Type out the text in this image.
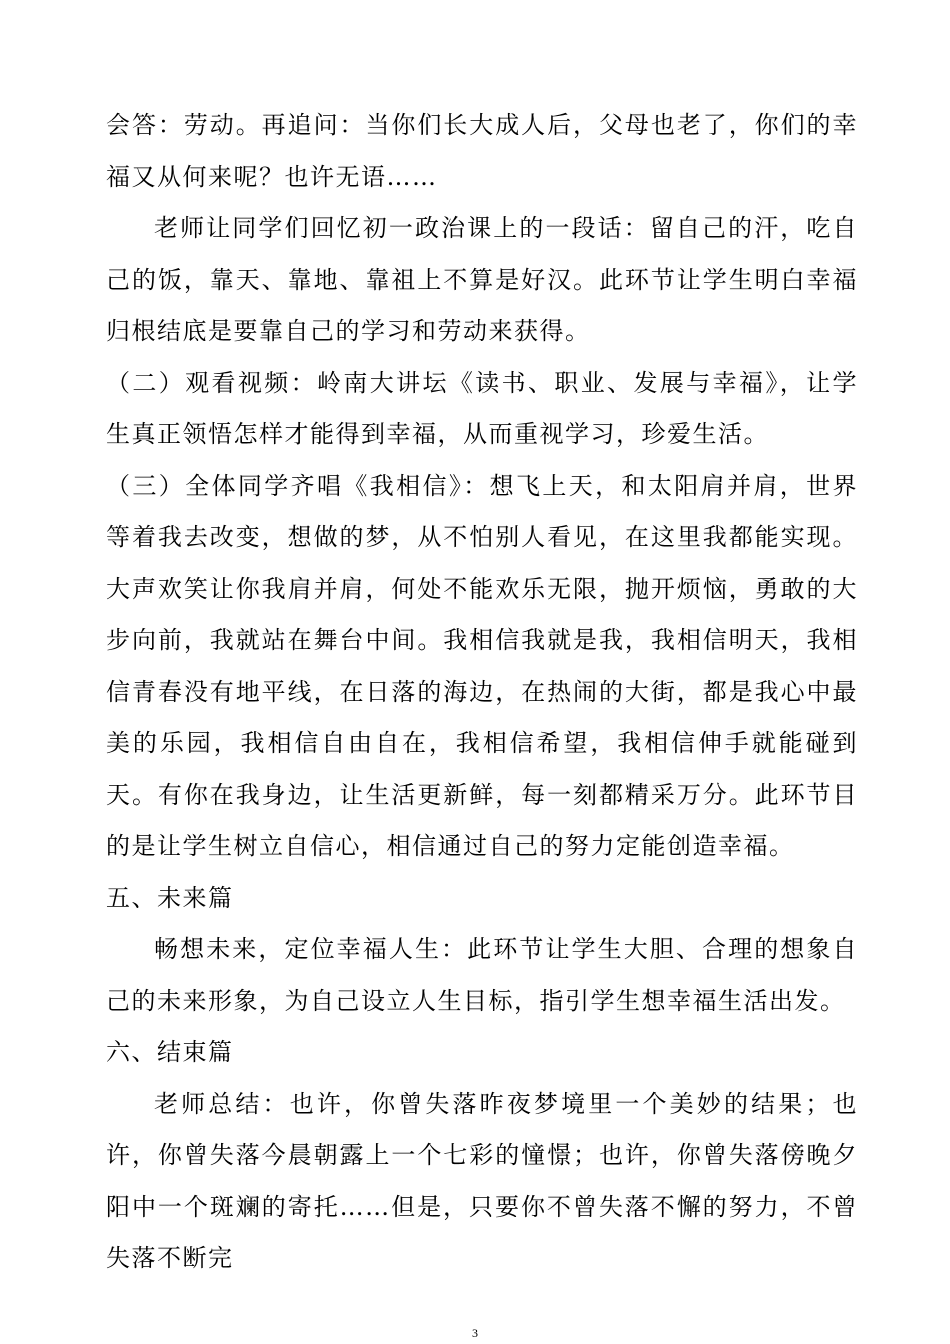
会答：劳动。再追问：当你们长大成人后，父母也老了，你们的幸福又从何来呢？也许无语……

老师让同学们回忆初一政治课上的一段话：留自己的汗，吃自己的饭，靠天、靠地、靠祖上不算是好汉。此环节让学生明白幸福归根结底是要靠自己的学习和劳动来获得。

（二）观看视频：岭南大讲坛《读书、职业、发展与幸福》，让学生真正领悟怎样才能得到幸福，从而重视学习，珍爱生活。

（三）全体同学齐唱《我相信》：想飞上天，和太阳肩并肩，世界等着我去改变，想做的梦，从不怕别人看见，在这里我都能实现。大声欢笑让你我肩并肩，何处不能欢乐无限，抛开烦恼，勇敢的大步向前，我就站在舞台中间。我相信我就是我，我相信明天，我相信青春没有地平线，在日落的海边，在热闹的大街，都是我心中最美的乐园，我相信自由自在，我相信希望，我相信伸手就能碰到天。有你在我身边，让生活更新鲜，每一刻都精采万分。此环节目的是让学生树立自信心，相信通过自己的努力定能创造幸福。

五、未来篇

畅想未来，定位幸福人生：此环节让学生大胆、合理的想象自己的未来形象，为自己设立人生目标，指引学生想幸福生活出发。

六、结束篇

老师总结：也许，你曾失落昨夜梦境里一个美妙的结果；也许，你曾失落今晨朝露上一个七彩的憧憬；也许，你曾失落傍晚夕阳中一个斑斓的寄托……但是，只要你不曾失落不懈的努力，不曾失落不断完

3
